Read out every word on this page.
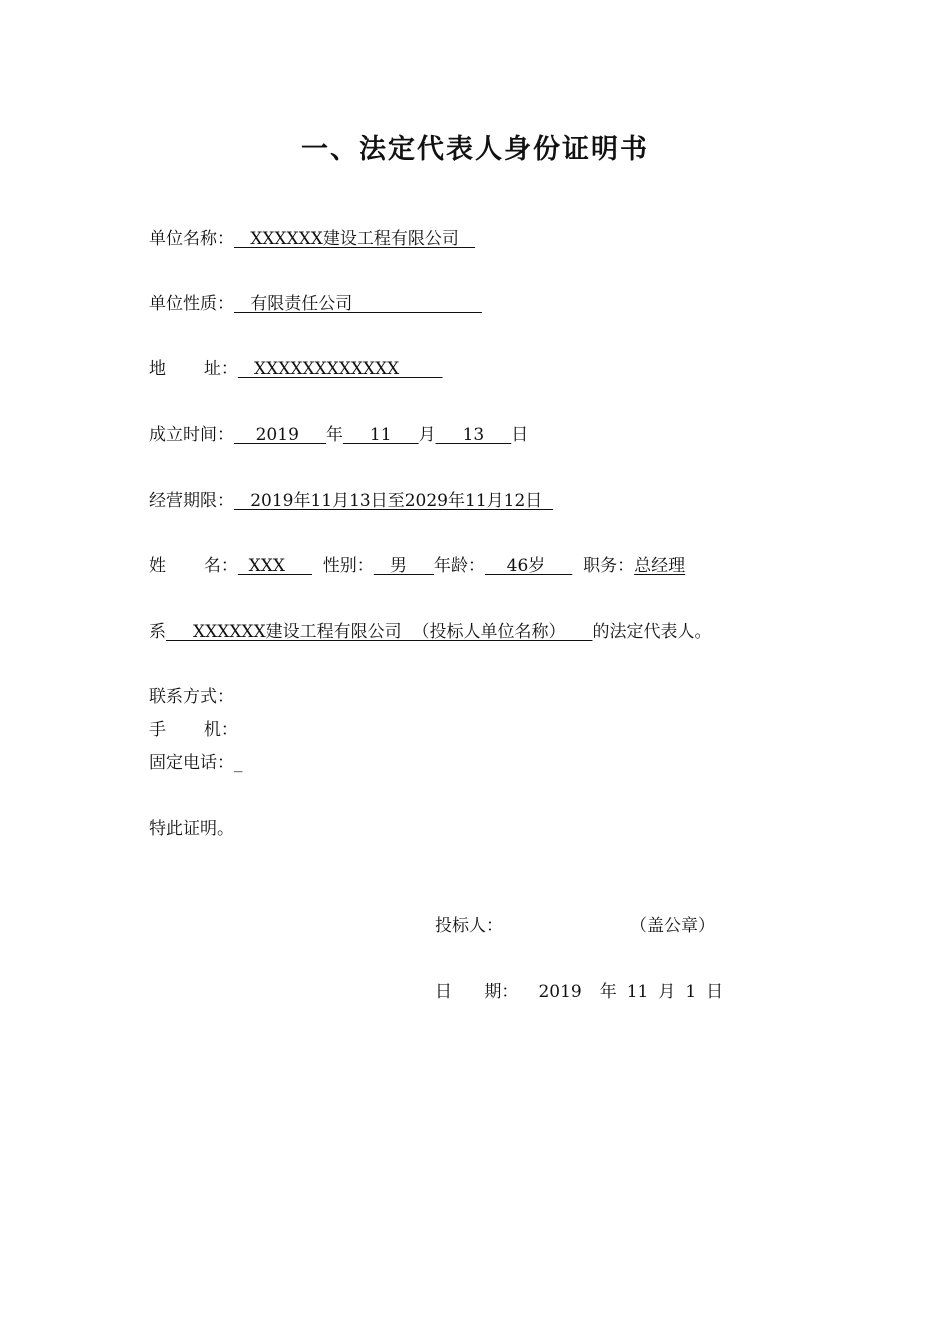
一、法定代表人身份证明书
单位名称：   XXXXXX建设工程有限公司
单位性质：   有限责任公司
地       址：   XXXXXXXXXXXX
成立时间：    2019     年     11     月     13     日
经营期限：   2019年11月13日至2029年11月12日
姓       名：  XXX       性别：   男     年龄：    46岁       职务：总经理
系     XXXXXX建设工程有限公司  （投标人单位名称）     的法定代表人。
联系方式：
手       机：
固定电话：_
特此证明。
投标人：	（盖公章）
日      期： 2019 年 11 月 1 日
